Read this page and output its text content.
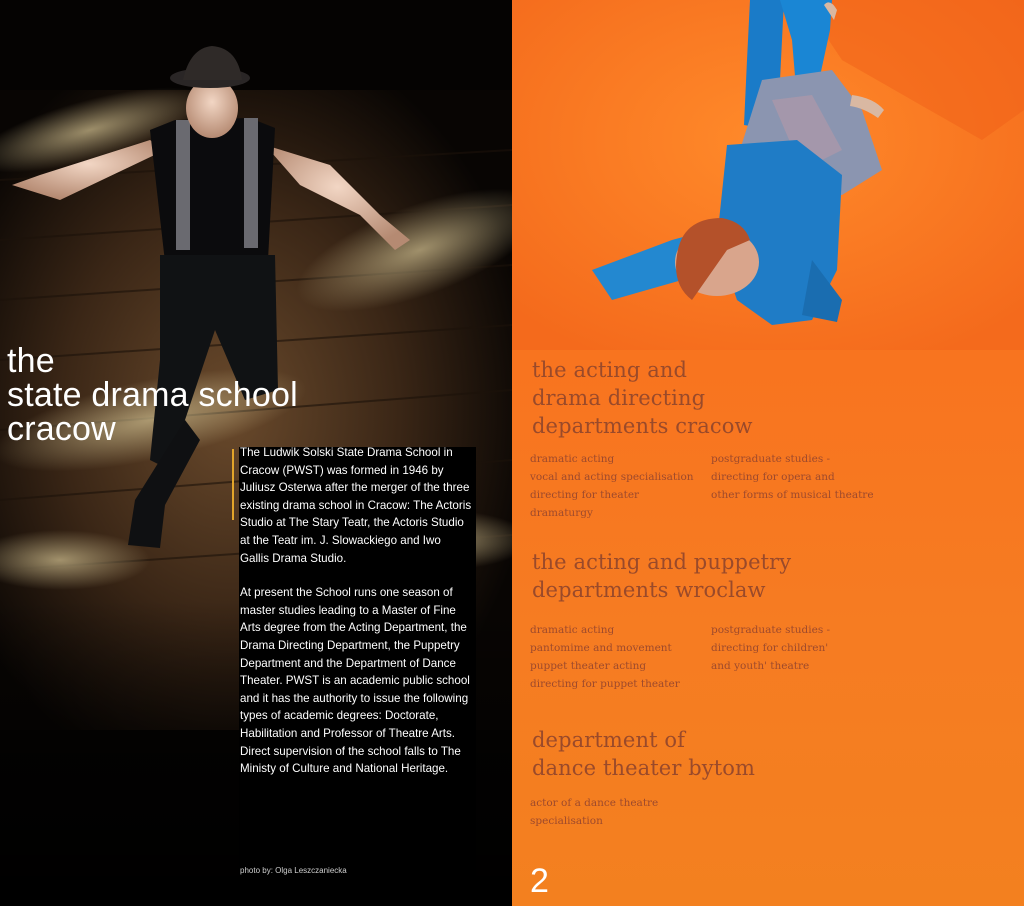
the
state drama school
cracow

The Ludwik Solski State Drama School in Cracow (PWST) was formed in 1946 by Juliusz Osterwa after the merger of the three existing drama school in Cracow: The Actoris Studio at The Stary Teatr, the Actoris Studio at the Teatr im. J. Slowackiego and Iwo Gallis Drama Studio.

At present the School runs one season of master studies leading to a Master of Fine Arts degree from the Acting Department, the Drama Directing Department, the Puppetry Department and the Department of Dance Theater. PWST is an academic public school and it has the authority to issue the following types of academic degrees: Doctorate, Habilitation and Professor of Theatre Arts. Direct supervision of the school falls to The Ministy of Culture and National Heritage.

photo by: Olga Leszczaniecka
the acting and
drama directing
departments cracow
dramatic acting
vocal and acting specialisation
directing for theater
dramaturgy
postgraduate studies -
directing for opera and
other forms of musical theatre
the acting and puppetry
departments wroclaw
dramatic acting
pantomime and movement
puppet theater acting
directing for puppet theater
postgraduate studies -
directing for children'
and youth' theatre
department of
dance theater bytom
actor of a dance theatre
specialisation
2
